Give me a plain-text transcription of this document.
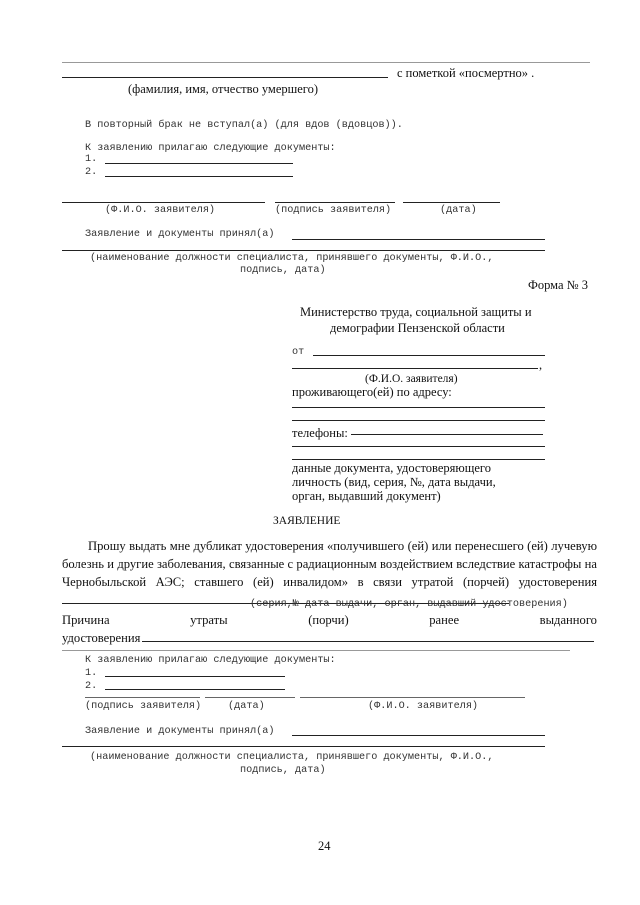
с пометкой «посмертно» .
(фамилия, имя, отчество умершего)
В повторный брак не вступал(а) (для вдов (вдовцов)).
К заявлению прилагаю следующие документы:
1.
2.
(Ф.И.О. заявителя)	(подпись заявителя)	(дата)
Заявление и документы принял(а)
(наименование должности специалиста, принявшего документы, Ф.И.О.,
подпись, дата)
Форма № 3
Министерство труда, социальной защиты и
демографии Пензенской области
от
,
(Ф.И.О. заявителя)
проживающего(ей) по адресу:
телефоны:
данные документа, удостоверяющего
личность (вид, серия, №, дата выдачи,
орган, выдавший документ)
ЗАЯВЛЕНИЕ
Прошу выдать мне дубликат удостоверения «получившего (ей) или перенесшего (ей) лучевую болезнь и другие заболевания, связанные с радиационным воздействием вследствие катастрофы на Чернобыльской АЭС; ставшего (ей) инвалидом» в связи утратой (порчей) удостоверения
(серия,№ дата выдачи, орган, выдавший удостоверения)
Причина	утраты	(порчи)	ранее	выданного
удостоверения
К заявлению прилагаю следующие документы:
1.
2.
(подпись заявителя)	(дата)	(Ф.И.О. заявителя)
Заявление и документы принял(а)
(наименование должности специалиста, принявшего документы, Ф.И.О.,
подпись, дата)
24
